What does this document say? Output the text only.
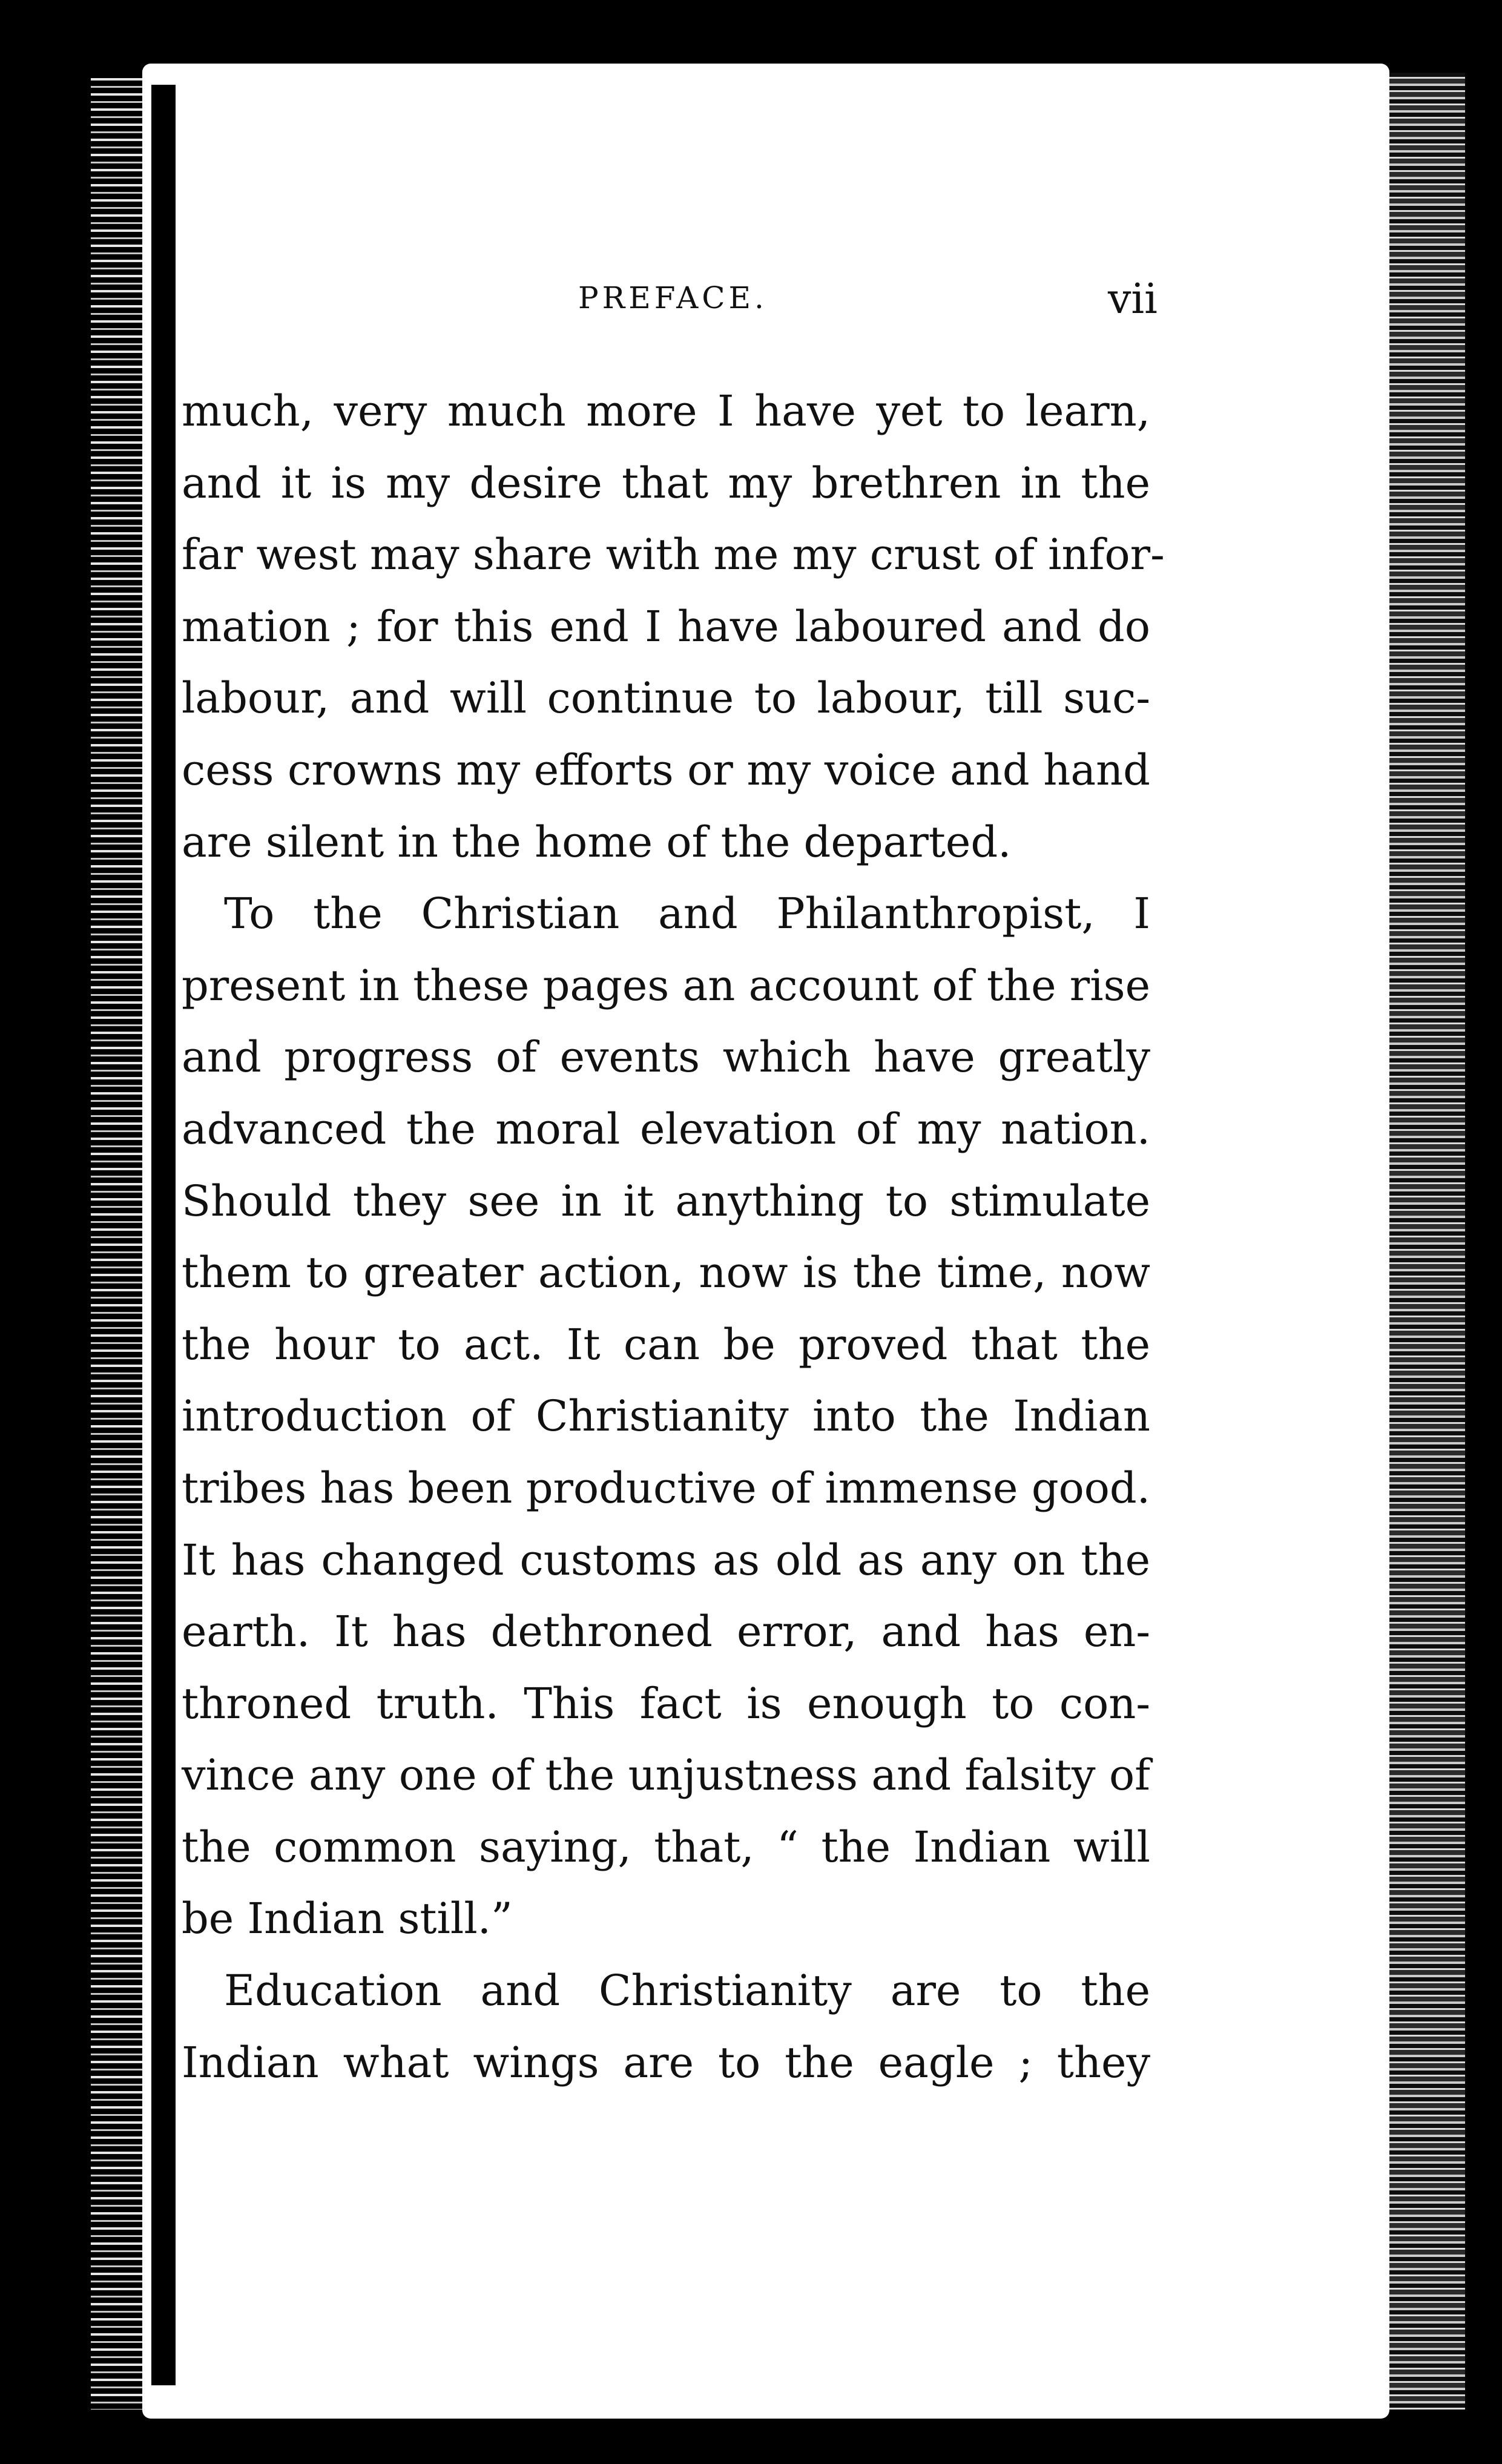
PREFACE.	vii
much, very much more I have yet to learn,
and it is my desire that my brethren in the
far west may share with me my crust of infor-
mation ; for this end I have laboured and do
labour, and will continue to labour, till suc-
cess crowns my efforts or my voice and hand
are silent in the home of the departed.
To the Christian and Philanthropist, I
present in these pages an account of the rise
and progress of events which have greatly
advanced the moral elevation of my nation.
Should they see in it anything to stimulate
them to greater action, now is the time, now
the hour to act. It can be proved that the
introduction of Christianity into the Indian
tribes has been productive of immense good.
It has changed customs as old as any on the
earth. It has dethroned error, and has en-
throned truth. This fact is enough to con-
vince any one of the unjustness and falsity of
the common saying, that, “ the Indian will
be Indian still.”
Education and Christianity are to the
Indian what wings are to the eagle ; they
